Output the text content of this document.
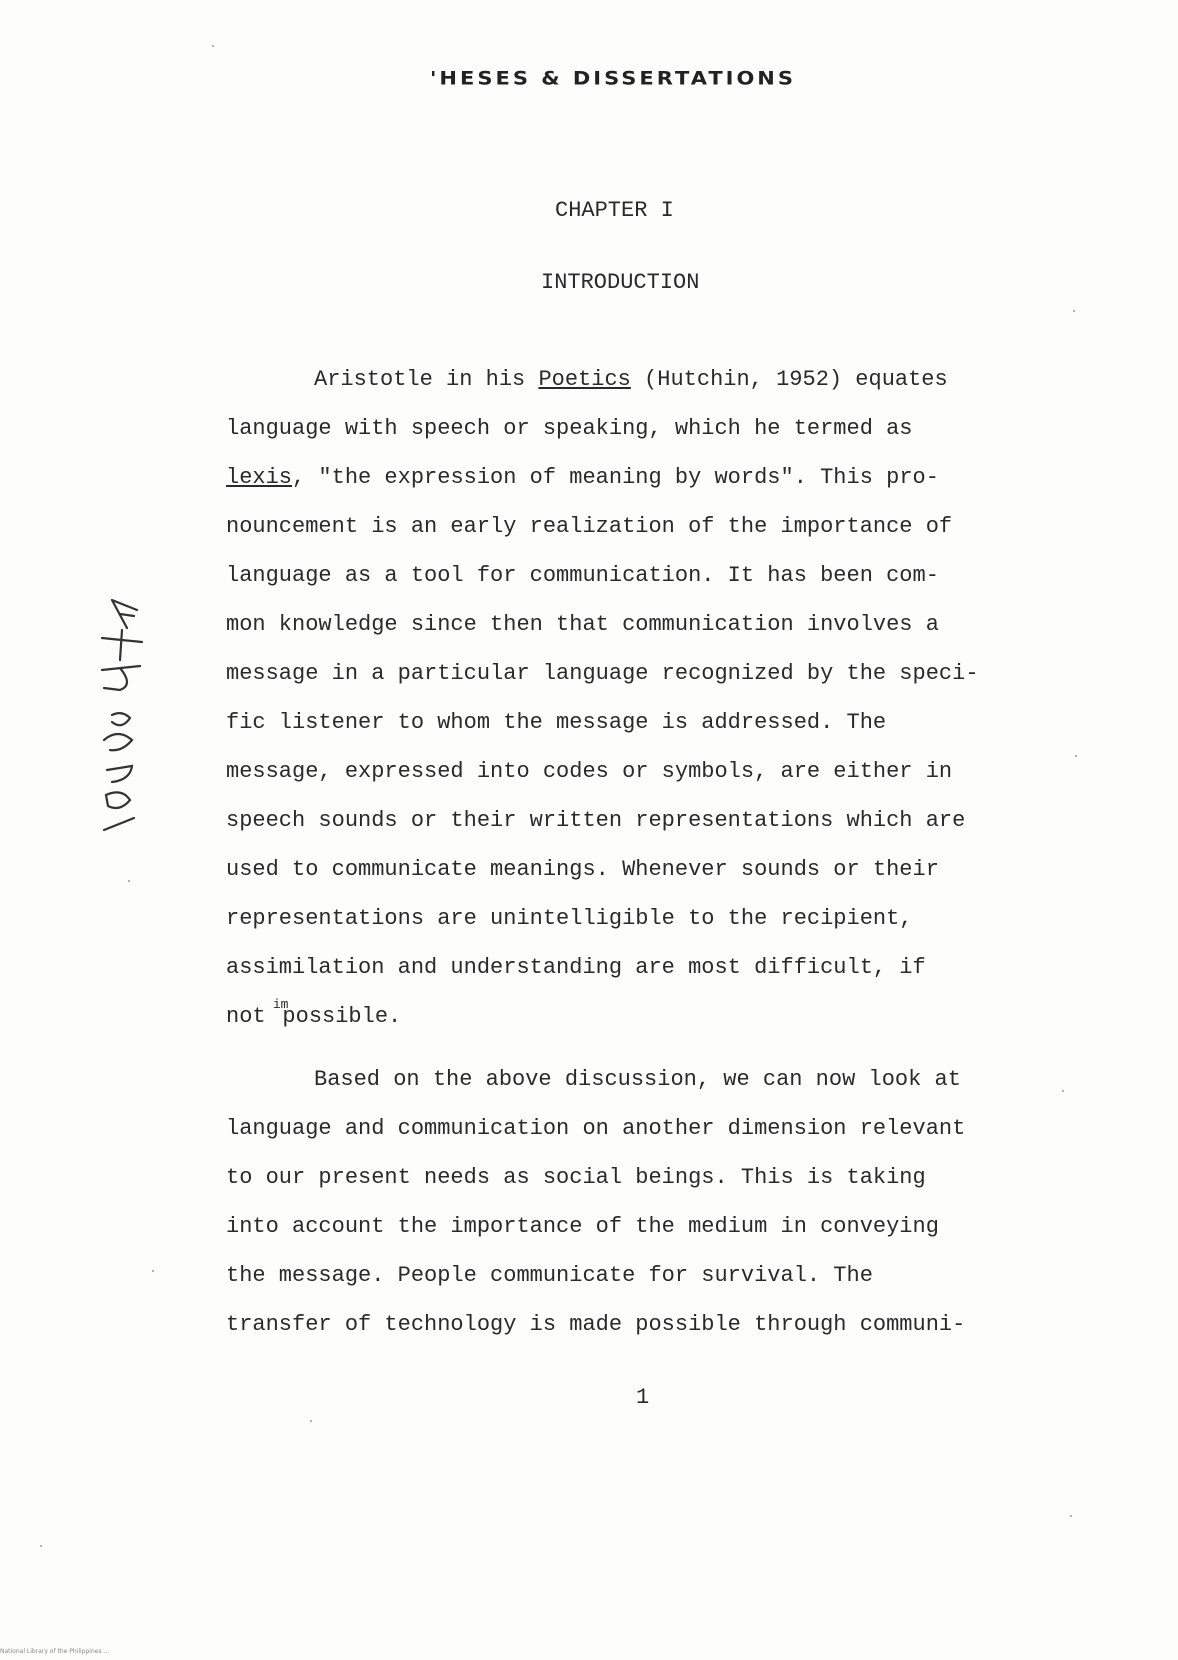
'HESES & DISSERTATIONS
CHAPTER I
INTRODUCTION

Aristotle in his Poetics (Hutchin, 1952) equates
language with speech or speaking, which he termed as
lexis, "the expression of meaning by words". This pro-
nouncement is an early realization of the importance of
language as a tool for communication. It has been com-
mon knowledge since then that communication involves a
message in a particular language recognized by the speci-
fic listener to whom the message is addressed. The
message, expressed into codes or symbols, are either in
speech sounds or their written representations which are
used to communicate meanings. Whenever sounds or their
representations are unintelligible to the recipient,
assimilation and understanding are most difficult, if
not $^{im}$possible.

Based on the above discussion, we can now look at
language and communication on another dimension relevant
to our present needs as social beings. This is taking
into account the importance of the medium in conveying
the message. People communicate for survival. The
transfer of technology is made possible through communi-

1
National Library of the Philippines ...
